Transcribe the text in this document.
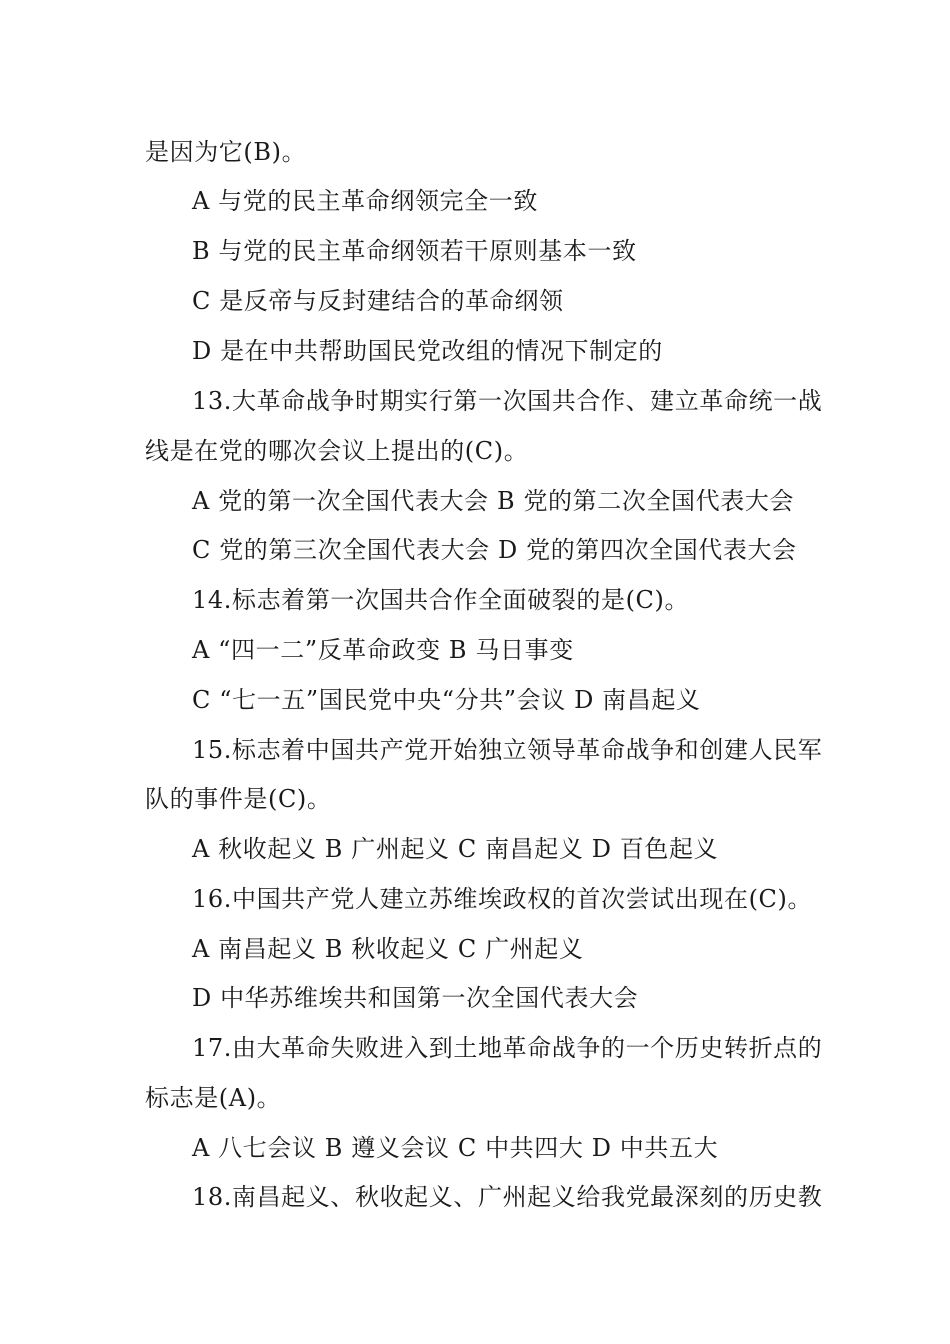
是因为它(B)。
A 与党的民主革命纲领完全一致
B 与党的民主革命纲领若干原则基本一致
C 是反帝与反封建结合的革命纲领
D 是在中共帮助国民党改组的情况下制定的
13.大革命战争时期实行第一次国共合作、建立革命统一战
线是在党的哪次会议上提出的(C)。
A 党的第一次全国代表大会 B 党的第二次全国代表大会
C 党的第三次全国代表大会 D 党的第四次全国代表大会
14.标志着第一次国共合作全面破裂的是(C)。
A “四一二”反革命政变 B 马日事变
C “七一五”国民党中央“分共”会议 D 南昌起义
15.标志着中国共产党开始独立领导革命战争和创建人民军
队的事件是(C)。
A 秋收起义 B 广州起义 C 南昌起义 D 百色起义
16.中国共产党人建立苏维埃政权的首次尝试出现在(C)。
A 南昌起义 B 秋收起义 C 广州起义
D 中华苏维埃共和国第一次全国代表大会
17.由大革命失败进入到土地革命战争的一个历史转折点的
标志是(A)。
A 八七会议 B 遵义会议 C 中共四大 D 中共五大
18.南昌起义、秋收起义、广州起义给我党最深刻的历史教
